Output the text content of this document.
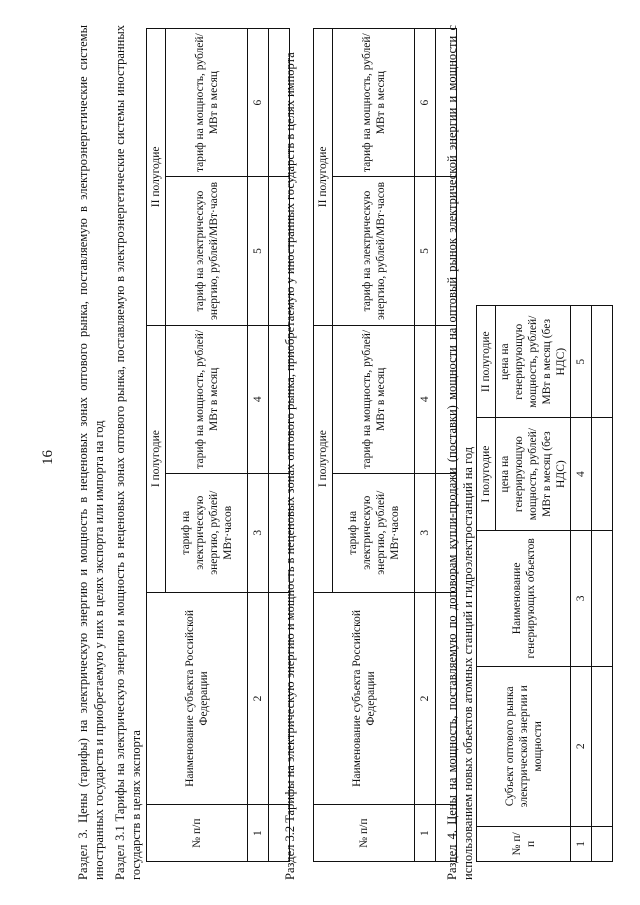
16 Раздел 3. Цены (тарифы) на электрическую энергию и мощность в неценовых зонах оптового рынка, поставляемую в электроэнергетические системы иностранных государств и приобретаемую у них в целях экспорта или импорта на год Раздел 3.1 Тарифы на электрическую энергию и мощность в неценовых зонах оптового рынка, поставляемую в электроэнергетические системы иностранных государств в целях экспорта	№ п/п	Наименование субъекта Российской Федерации	I полугодие		II полугодие	
		тариф на электрическую энергию, рублей/МВт·часов	тариф на мощность, рублей/МВт в месяц	тариф на электрическую энергию, рублей/МВт·часов	тариф на мощность, рублей/МВт в месяц
1	2	3	4	5	6
					Раздел 3.2 Тарифы на электрическую энергию и мощность в неценовых зонах оптового рынка, приобретаемую у иностранных государств в целях импорта	№ п/п	Наименование субъекта Российской Федерации	I полугодие		II полугодие	
		тариф на электрическую энергию, рублей/МВт·часов	тариф на мощность, рублей/МВт в месяц	тариф на электрическую энергию, рублей/МВт·часов	тариф на мощность, рублей/МВт в месяц
1	2	3	4	5	6
					Раздел 4. Цены на мощность, поставляемую по договорам купли-продажи (поставки) мощности на оптовый рынок электрической энергии и мощности с использованием новых объектов атомных станций и гидроэлектростанций на год	№ п/п	Субъект оптового рынка электрической энергии и мощности	Наименование генерирующих объектов	I полугодие	II полугодие
			цена на генерирующую мощность, рублей/МВт в месяц (без НДС)	цена на генерирующую мощность, рублей/МВт в месяц (без НДС)
1	2	3	4	5
